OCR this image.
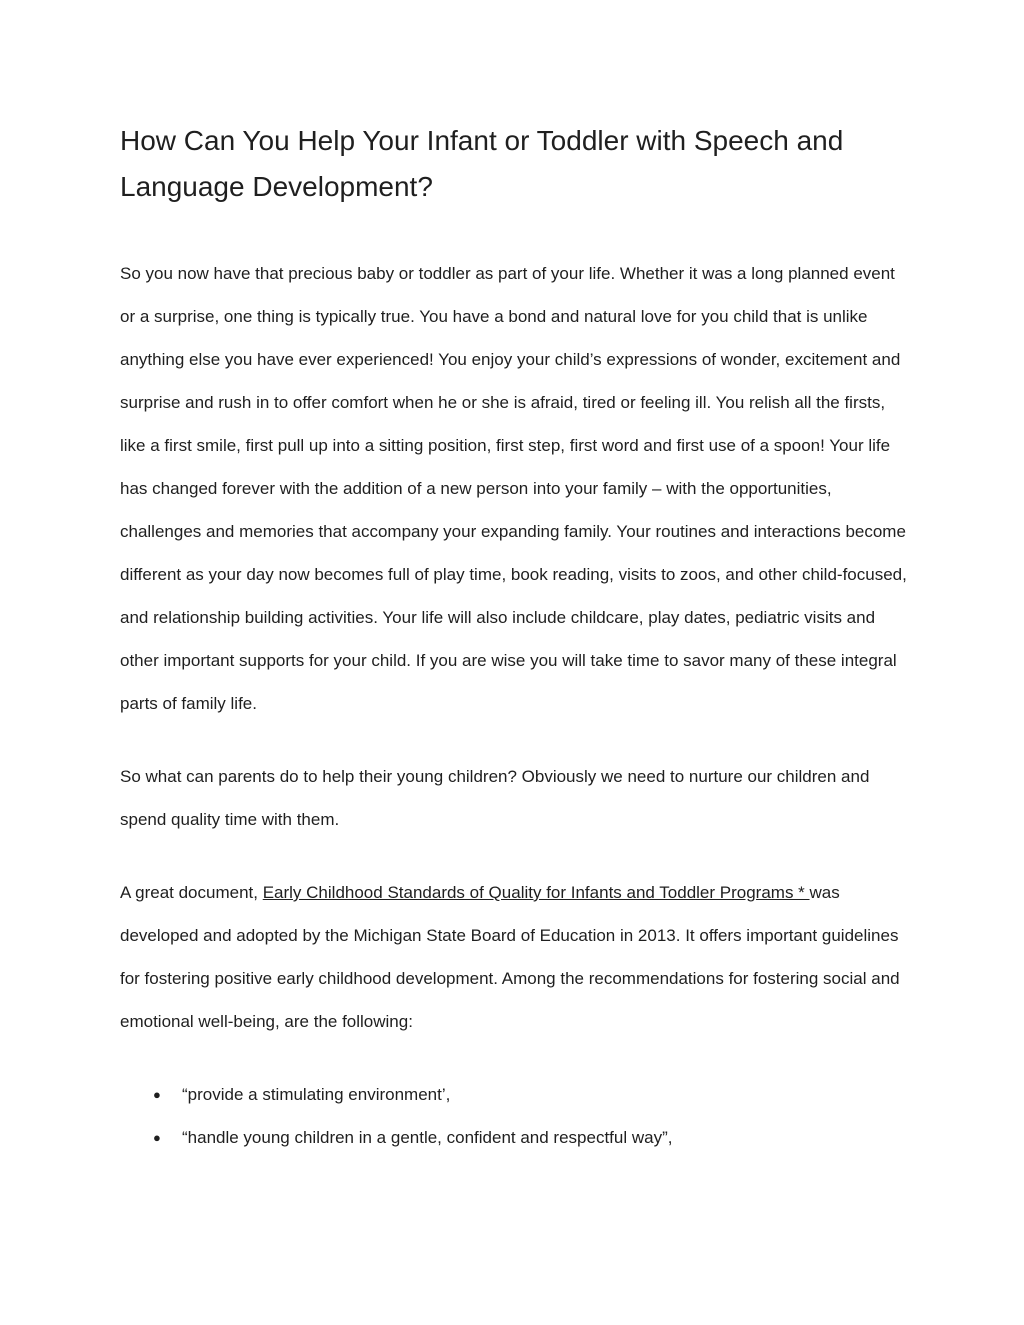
How Can You Help Your Infant or Toddler with Speech and Language Development?

So you now have that precious baby or toddler as part of your life. Whether it was a long planned event or a surprise, one thing is typically true. You have a bond and natural love for you child that is unlike anything else you have ever experienced! You enjoy your child’s expressions of wonder, excitement and surprise and rush in to offer comfort when he or she is afraid, tired or feeling ill. You relish all the firsts, like a first smile, first pull up into a sitting position, first step, first word and first use of a spoon! Your life has changed forever with the addition of a new person into your family – with the opportunities, challenges and memories that accompany your expanding family. Your routines and interactions become different as your day now becomes full of play time, book reading, visits to zoos, and other child-focused, and relationship building activities. Your life will also include childcare, play dates, pediatric visits and other important supports for your child. If you are wise you will take time to savor many of these integral parts of family life.

So what can parents do to help their young children? Obviously we need to nurture our children and spend quality time with them.

A great document, Early Childhood Standards of Quality for Infants and Toddler Programs * was developed and adopted by the Michigan State Board of Education in 2013. It offers important guidelines for fostering positive early childhood development. Among the recommendations for fostering social and emotional well-being, are the following:

● “provide a stimulating environment’,
● “handle young children in a gentle, confident and respectful way”,
